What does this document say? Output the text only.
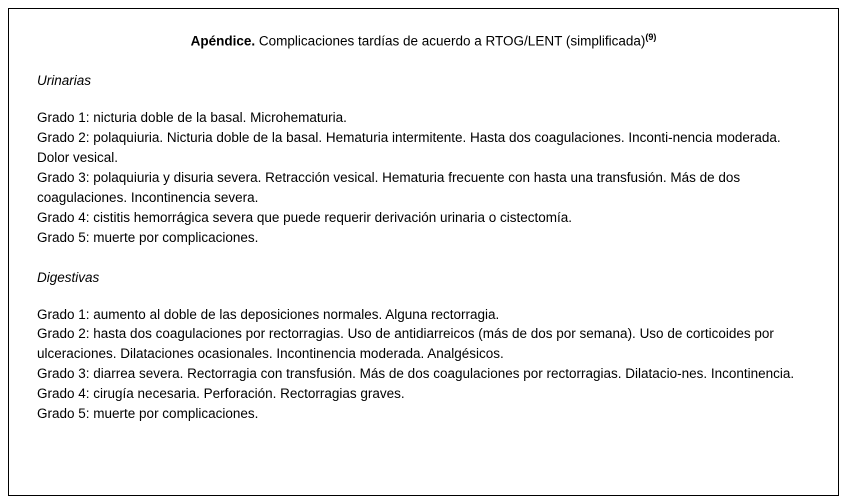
Apéndice. Complicaciones tardías de acuerdo a RTOG/LENT (simplificada)$^{(9)}$

Urinarias

Grado 1: nicturia doble de la basal. Microhematuria.

Grado 2: polaquiuria. Nicturia doble de la basal. Hematuria intermitente. Hasta dos coagulaciones. Inconti-nencia moderada. Dolor vesical.

Grado 3: polaquiuria y disuria severa. Retracción vesical. Hematuria frecuente con hasta una transfusión. Más de dos coagulaciones. Incontinencia severa.

Grado 4: cistitis hemorrágica severa que puede requerir derivación urinaria o cistectomía.

Grado 5: muerte por complicaciones.

Digestivas

Grado 1: aumento al doble de las deposiciones normales. Alguna rectorragia.

Grado 2: hasta dos coagulaciones por rectorragias. Uso de antidiarreicos (más de dos por semana). Uso de corticoides por ulceraciones. Dilataciones ocasionales. Incontinencia moderada. Analgésicos.

Grado 3: diarrea severa. Rectorragia con transfusión. Más de dos coagulaciones por rectorragias. Dilatacio-nes. Incontinencia.

Grado 4: cirugía necesaria. Perforación. Rectorragias graves.

Grado 5: muerte por complicaciones.
